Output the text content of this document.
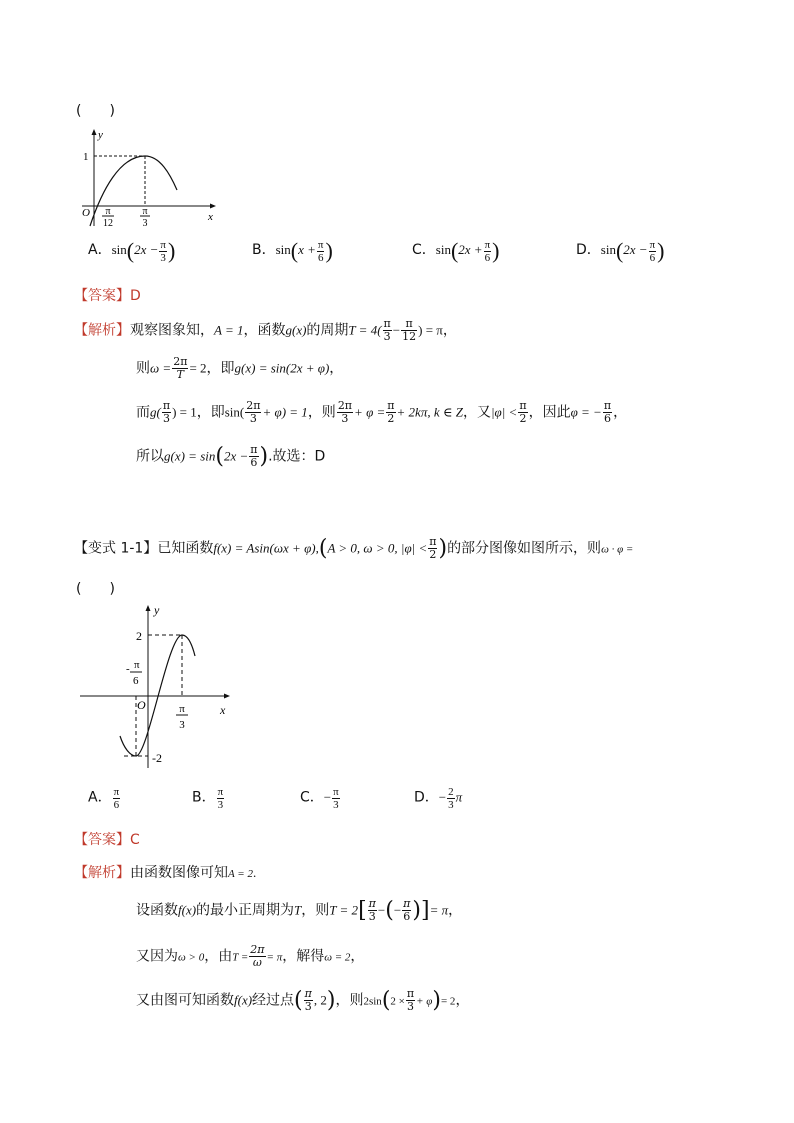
(　　)
y
x
O
1
π
12
π
3
A．$\sin(2x - \frac{\pi}{3}$ )	B．$\sin(x + \frac{\pi}{6}$ )	C．$\sin(2x + \frac{\pi}{6}$ )	D．$\sin(2x - \frac{\pi}{6}$ )
【答案】D
【解析】观察图象知，A = 1，函数g(x)的周期$T = 4( \frac{\pi}{3} - \frac{\pi}{12}$ ) = π，
则$\omega = \frac{2\pi}{T} = 2$，即g(x) = sin(2x + φ)，
而$g( \frac{\pi}{3}$ ) = 1，即$\sin( \frac{2\pi}{3} + \varphi) = 1$，则 $\frac{2\pi}{3} + \varphi = \frac{\pi}{2} + 2k\pi$, k ∈ Z，又$|\varphi| < \frac{\pi}{2}$ ，因此φ = − $\frac{\pi}{6}$ ，
所以$g(x) = \sin(2x - \frac{\pi}{6}$ ).故选：D
【变式 1-1】已知函数f(x) = Asin(ωx + φ),(A > 0, ω > 0, $|\varphi| < \frac{\pi}{2}$ )的部分图像如图所示，则ω · φ =
(　　)
y
x
O
2
-2
- π
6
π
3
A． $\frac{\pi}{6}$	B． $\frac{\pi}{3}$	C．− $\frac{\pi}{3}$	D．− $\frac{2}{3}$ π
【答案】C
【解析】由函数图像可知A = 2.
设函数f(x)的最小正周期为T，则$T = 2[ \frac{\pi}{3}$ −(− $\frac{\pi}{6}$ )]= π，
又因为ω > 0，由$T = \frac{2\pi}{\omega} = \pi$，解得ω = 2，
又由图可知函数f(x)经过点( $\frac{\pi}{3}$ , 2)，则$2\sin(2 \times \frac{\pi}{3} + \varphi)= 2$，
